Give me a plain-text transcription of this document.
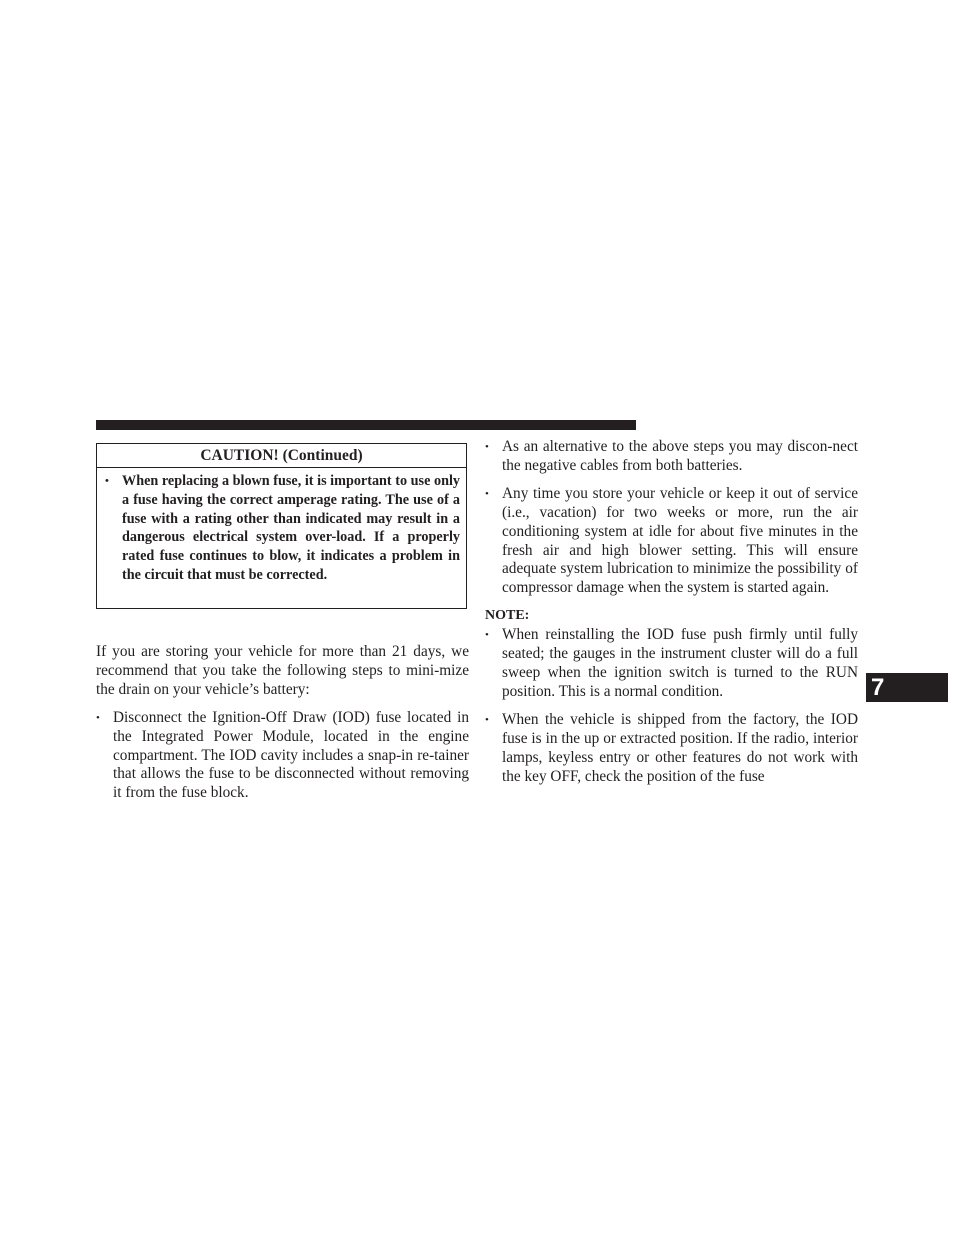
CAUTION! (Continued)
• When replacing a blown fuse, it is important to use only a fuse having the correct amperage rating. The use of a fuse with a rating other than indicated may result in a dangerous electrical system over-load. If a properly rated fuse continues to blow, it indicates a problem in the circuit that must be corrected.

If you are storing your vehicle for more than 21 days, we recommend that you take the following steps to mini-mize the drain on your vehicle’s battery:

• Disconnect the Ignition-Off Draw (IOD) fuse located in the Integrated Power Module, located in the engine compartment. The IOD cavity includes a snap-in re-tainer that allows the fuse to be disconnected without removing it from the fuse block.
• As an alternative to the above steps you may discon-nect the negative cables from both batteries.
• Any time you store your vehicle or keep it out of service (i.e., vacation) for two weeks or more, run the air conditioning system at idle for about five minutes in the fresh air and high blower setting. This will ensure adequate system lubrication to minimize the possibility of compressor damage when the system is started again.

NOTE:

• When reinstalling the IOD fuse push firmly until fully seated; the gauges in the instrument cluster will do a full sweep when the ignition switch is turned to the RUN position. This is a normal condition.
• When the vehicle is shipped from the factory, the IOD fuse is in the up or extracted position. If the radio, interior lamps, keyless entry or other features do not work with the key OFF, check the position of the fuse
7
